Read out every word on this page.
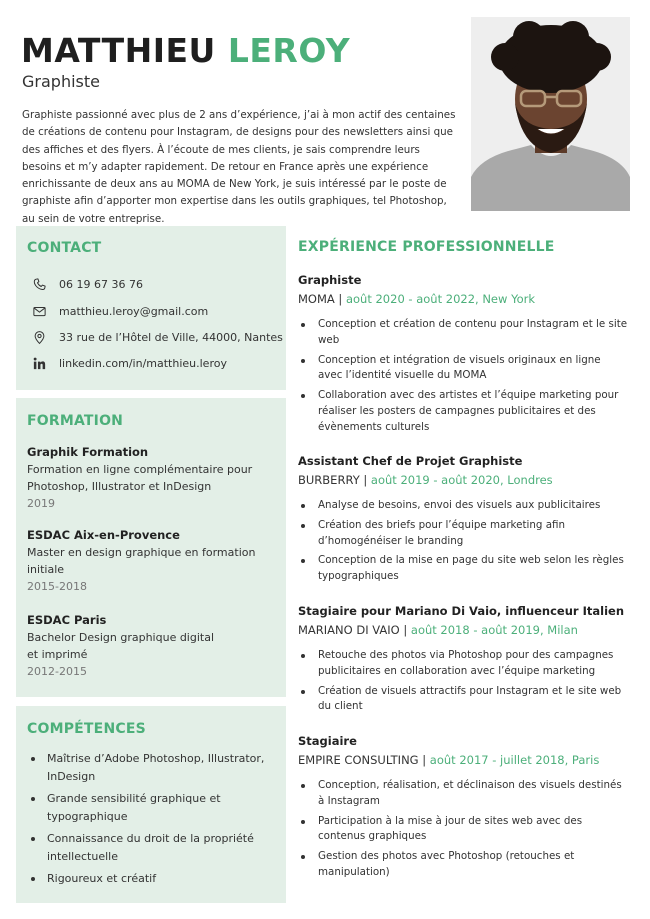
MATTHIEU LEROY
Graphiste
Graphiste passionné avec plus de 2 ans d’expérience, j’ai à mon actif des centaines de créations de contenu pour Instagram, de designs pour des newsletters ainsi que des affiches et des flyers. À l’écoute de mes clients, je sais comprendre leurs besoins et m’y adapter rapidement. De retour en France après une expérience enrichissante de deux ans au MOMA de New York, je suis intéressé par le poste de graphiste afin d’apporter mon expertise dans les outils graphiques, tel Photoshop, au sein de votre entreprise.
CONTACT
06 19 67 36 76
matthieu.leroy@gmail.com
33 rue de l’Hôtel de Ville, 44000, Nantes
linkedin.com/in/matthieu.leroy
FORMATION
Graphik Formation
Formation en ligne complémentaire pour Photoshop, Illustrator et InDesign
2019
ESDAC Aix-en-Provence
Master en design graphique en formation initiale
2015-2018
ESDAC Paris
Bachelor Design graphique digital et imprimé
2012-2015
COMPÉTENCES
Maîtrise d’Adobe Photoshop, Illustrator, InDesign
Grande sensibilité graphique et typographique
Connaissance du droit de la propriété intellectuelle
Rigoureux et créatif
EXPÉRIENCE PROFESSIONNELLE
Graphiste
MOMA | août 2020 - août 2022, New York
Conception et création de contenu pour Instagram et le site web
Conception et intégration de visuels originaux en ligne avec l’identité visuelle du MOMA
Collaboration avec des artistes et l’équipe marketing pour réaliser les posters de campagnes publicitaires et des évènements culturels
Assistant Chef de Projet Graphiste
BURBERRY | août 2019 - août 2020, Londres
Analyse de besoins, envoi des visuels aux publicitaires
Création des briefs pour l’équipe marketing afin d’homogénéiser le branding
Conception de la mise en page du site web selon les règles typographiques
Stagiaire pour Mariano Di Vaio, influenceur Italien
MARIANO DI VAIO | août 2018 - août 2019, Milan
Retouche des photos via Photoshop pour des campagnes publicitaires en collaboration avec l’équipe marketing
Création de visuels attractifs pour Instagram et le site web du client
Stagiaire
EMPIRE CONSULTING | août 2017 - juillet 2018, Paris
Conception, réalisation, et déclinaison des visuels destinés à Instagram
Participation à la mise à jour de sites web avec des contenus graphiques
Gestion des photos avec Photoshop (retouches et manipulation)
